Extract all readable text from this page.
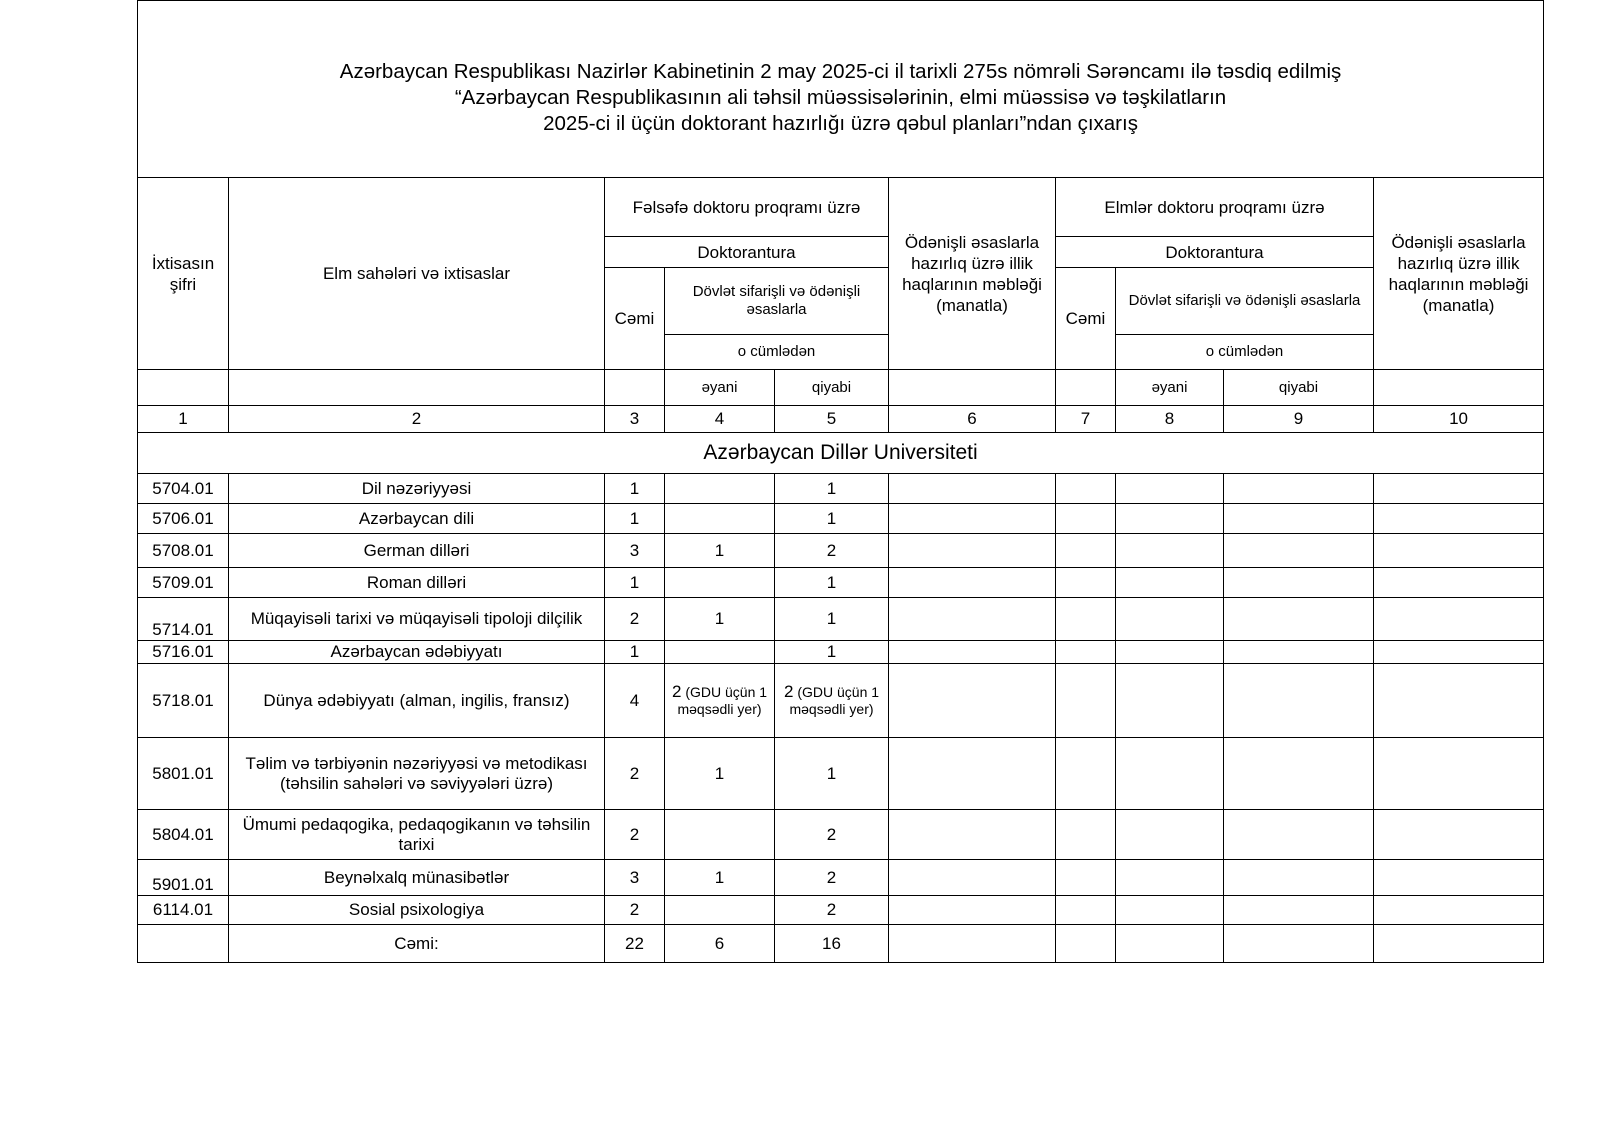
Azərbaycan Respublikası Nazirlər Kabinetinin 2 may 2025-ci il tarixli 275s nömrəli Sərəncamı ilə təsdiq edilmiş
“Azərbaycan Respublikasının ali təhsil müəssisələrinin, elmi müəssisə və təşkilatların
2025-ci il üçün doktorant hazırlığı üzrə qəbul planları”ndan çıxarış									

İxtisasın şifri	Elm sahələri və ixtisaslar	Fəlsəfə doktoru proqramı üzrə			Ödənişli əsaslarla hazırlıq üzrə illik haqlarının məbləği (manatla)	Elmlər doktoru proqramı üzrə			Ödənişli əsaslarla hazırlıq üzrə illik haqlarının məbləği (manatla)
		Doktorantura				Doktorantura			
		Cəmi	Dövlət sifarişli və ödənişli əsaslarla			Cəmi	Dövlət sifarişli və ödənişli əsaslarla		
			o cümlədən				o cümlədən		
			əyani	qiyabi			əyani	qiyabi	
1	2	3	4	5	6	7	8	9	10
Azərbaycan Dillər Universiteti									
5704.01	Dil nəzəriyyəsi	1		1					
5706.01	Azərbaycan dili	1		1					
5708.01	German dilləri	3	1	2					
5709.01	Roman dilləri	1		1					
5714.01	Müqayisəli tarixi və müqayisəli tipoloji dilçilik	2	1	1					
5716.01	Azərbaycan ədəbiyyatı	1		1					
5718.01	Dünya ədəbiyyatı (alman, ingilis, fransız)	4	2 (GDU üçün 1 məqsədli yer)	2 (GDU üçün 1 məqsədli yer)					
5801.01	Təlim və tərbiyənin nəzəriyyəsi və metodikası (təhsilin sahələri və səviyyələri üzrə)	2	1	1					
5804.01	Ümumi pedaqogika, pedaqogikanın və təhsilin tarixi	2		2					
5901.01	Beynəlxalq münasibətlər	3	1	2					
6114.01	Sosial psixologiya	2		2					
	Cəmi:	22	6	16					
